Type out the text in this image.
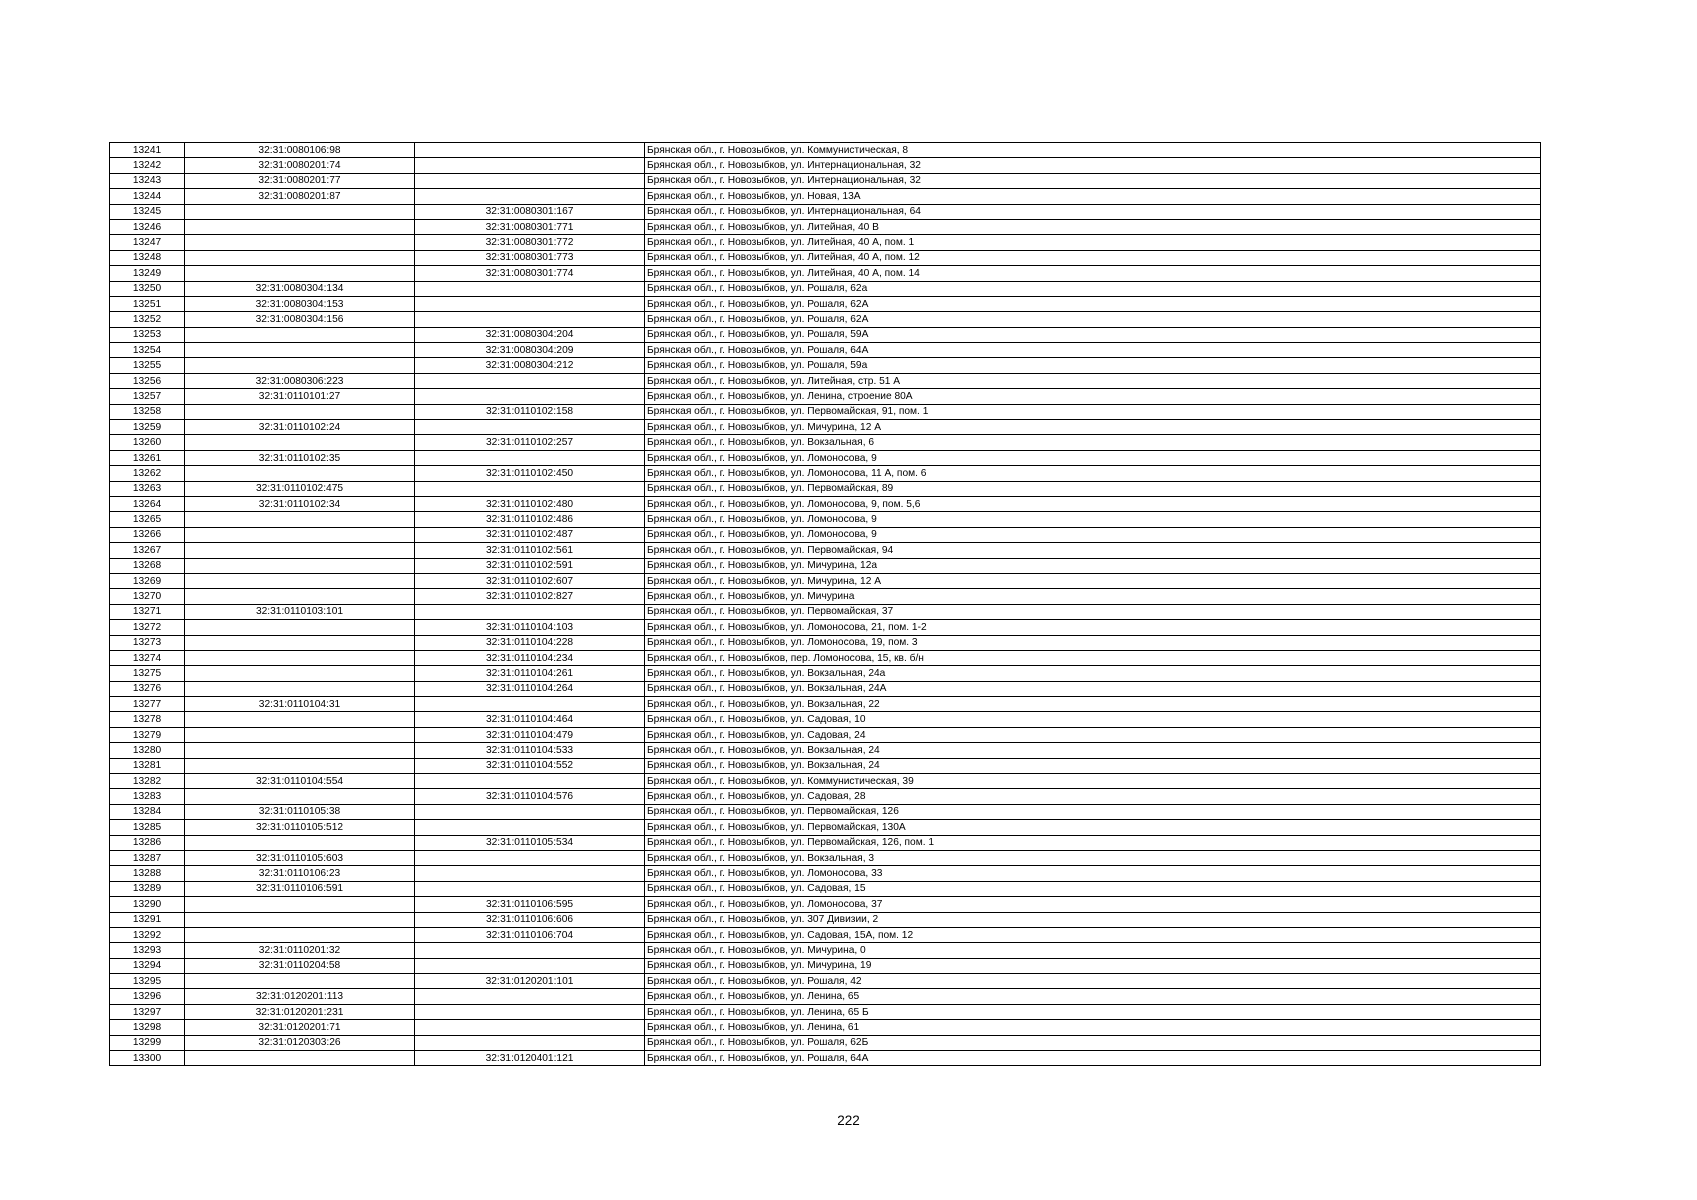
13241	32:31:0080106:98		Брянская обл., г. Новозыбков, ул. Коммунистическая, 8
13242	32:31:0080201:74		Брянская обл., г. Новозыбков, ул. Интернациональная, 32
13243	32:31:0080201:77		Брянская обл., г. Новозыбков, ул. Интернациональная, 32
13244	32:31:0080201:87		Брянская обл., г. Новозыбков, ул. Новая, 13А
13245		32:31:0080301:167	Брянская обл., г. Новозыбков, ул. Интернациональная, 64
13246		32:31:0080301:771	Брянская обл., г. Новозыбков, ул. Литейная, 40 В
13247		32:31:0080301:772	Брянская обл., г. Новозыбков, ул. Литейная, 40 А, пом. 1
13248		32:31:0080301:773	Брянская обл., г. Новозыбков, ул. Литейная, 40 А, пом. 12
13249		32:31:0080301:774	Брянская обл., г. Новозыбков, ул. Литейная, 40 А, пом. 14
13250	32:31:0080304:134		Брянская обл., г. Новозыбков, ул. Рошаля, 62а
13251	32:31:0080304:153		Брянская обл., г. Новозыбков, ул. Рошаля, 62А
13252	32:31:0080304:156		Брянская обл., г. Новозыбков, ул. Рошаля, 62А
13253		32:31:0080304:204	Брянская обл., г. Новозыбков, ул. Рошаля, 59А
13254		32:31:0080304:209	Брянская обл., г. Новозыбков, ул. Рошаля, 64А
13255		32:31:0080304:212	Брянская обл., г. Новозыбков, ул. Рошаля, 59а
13256	32:31:0080306:223		Брянская обл., г. Новозыбков, ул. Литейная, стр. 51 А
13257	32:31:0110101:27		Брянская обл., г. Новозыбков, ул. Ленина, строение 80А
13258		32:31:0110102:158	Брянская обл., г. Новозыбков, ул. Первомайская, 91, пом. 1
13259	32:31:0110102:24		Брянская обл., г. Новозыбков, ул. Мичурина, 12 А
13260		32:31:0110102:257	Брянская обл., г. Новозыбков, ул. Вокзальная, 6
13261	32:31:0110102:35		Брянская обл., г. Новозыбков, ул. Ломоносова, 9
13262		32:31:0110102:450	Брянская обл., г. Новозыбков, ул. Ломоносова, 11 А, пом. 6
13263	32:31:0110102:475		Брянская обл., г. Новозыбков, ул. Первомайская, 89
13264	32:31:0110102:34	32:31:0110102:480	Брянская обл., г. Новозыбков, ул. Ломоносова, 9, пом. 5,6
13265		32:31:0110102:486	Брянская обл., г. Новозыбков, ул. Ломоносова, 9
13266		32:31:0110102:487	Брянская обл., г. Новозыбков, ул. Ломоносова, 9
13267		32:31:0110102:561	Брянская обл., г. Новозыбков, ул. Первомайская, 94
13268		32:31:0110102:591	Брянская обл., г. Новозыбков, ул. Мичурина, 12а
13269		32:31:0110102:607	Брянская обл., г. Новозыбков, ул. Мичурина, 12 А
13270		32:31:0110102:827	Брянская обл., г. Новозыбков, ул. Мичурина
13271	32:31:0110103:101		Брянская обл., г. Новозыбков, ул. Первомайская, 37
13272		32:31:0110104:103	Брянская обл., г. Новозыбков, ул. Ломоносова, 21, пом. 1-2
13273		32:31:0110104:228	Брянская обл., г. Новозыбков, ул. Ломоносова, 19, пом. 3
13274		32:31:0110104:234	Брянская обл., г. Новозыбков, пер. Ломоносова, 15, кв. б/н
13275		32:31:0110104:261	Брянская обл., г. Новозыбков, ул. Вокзальная, 24а
13276		32:31:0110104:264	Брянская обл., г. Новозыбков, ул. Вокзальная, 24А
13277	32:31:0110104:31		Брянская обл., г. Новозыбков, ул. Вокзальная, 22
13278		32:31:0110104:464	Брянская обл., г. Новозыбков, ул. Садовая, 10
13279		32:31:0110104:479	Брянская обл., г. Новозыбков, ул. Садовая, 24
13280		32:31:0110104:533	Брянская обл., г. Новозыбков, ул. Вокзальная, 24
13281		32:31:0110104:552	Брянская обл., г. Новозыбков, ул. Вокзальная, 24
13282	32:31:0110104:554		Брянская обл., г. Новозыбков, ул. Коммунистическая, 39
13283		32:31:0110104:576	Брянская обл., г. Новозыбков, ул. Садовая, 28
13284	32:31:0110105:38		Брянская обл., г. Новозыбков, ул. Первомайская, 126
13285	32:31:0110105:512		Брянская обл., г. Новозыбков, ул. Первомайская, 130А
13286		32:31:0110105:534	Брянская обл., г. Новозыбков, ул. Первомайская, 126, пом. 1
13287	32:31:0110105:603		Брянская обл., г. Новозыбков, ул. Вокзальная, 3
13288	32:31:0110106:23		Брянская обл., г. Новозыбков, ул. Ломоносова, 33
13289	32:31:0110106:591		Брянская обл., г. Новозыбков, ул. Садовая, 15
13290		32:31:0110106:595	Брянская обл., г. Новозыбков, ул. Ломоносова, 37
13291		32:31:0110106:606	Брянская обл., г. Новозыбков, ул. 307 Дивизии, 2
13292		32:31:0110106:704	Брянская обл., г. Новозыбков, ул. Садовая, 15А, пом. 12
13293	32:31:0110201:32		Брянская обл., г. Новозыбков, ул. Мичурина, 0
13294	32:31:0110204:58		Брянская обл., г. Новозыбков, ул. Мичурина, 19
13295		32:31:0120201:101	Брянская обл., г. Новозыбков, ул. Рошаля, 42
13296	32:31:0120201:113		Брянская обл., г. Новозыбков, ул. Ленина, 65
13297	32:31:0120201:231		Брянская обл., г. Новозыбков, ул. Ленина, 65 Б
13298	32:31:0120201:71		Брянская обл., г. Новозыбков, ул. Ленина, 61
13299	32:31:0120303:26		Брянская обл., г. Новозыбков, ул. Рошаля, 62Б
13300		32:31:0120401:121	Брянская обл., г. Новозыбков, ул. Рошаля, 64А
222
